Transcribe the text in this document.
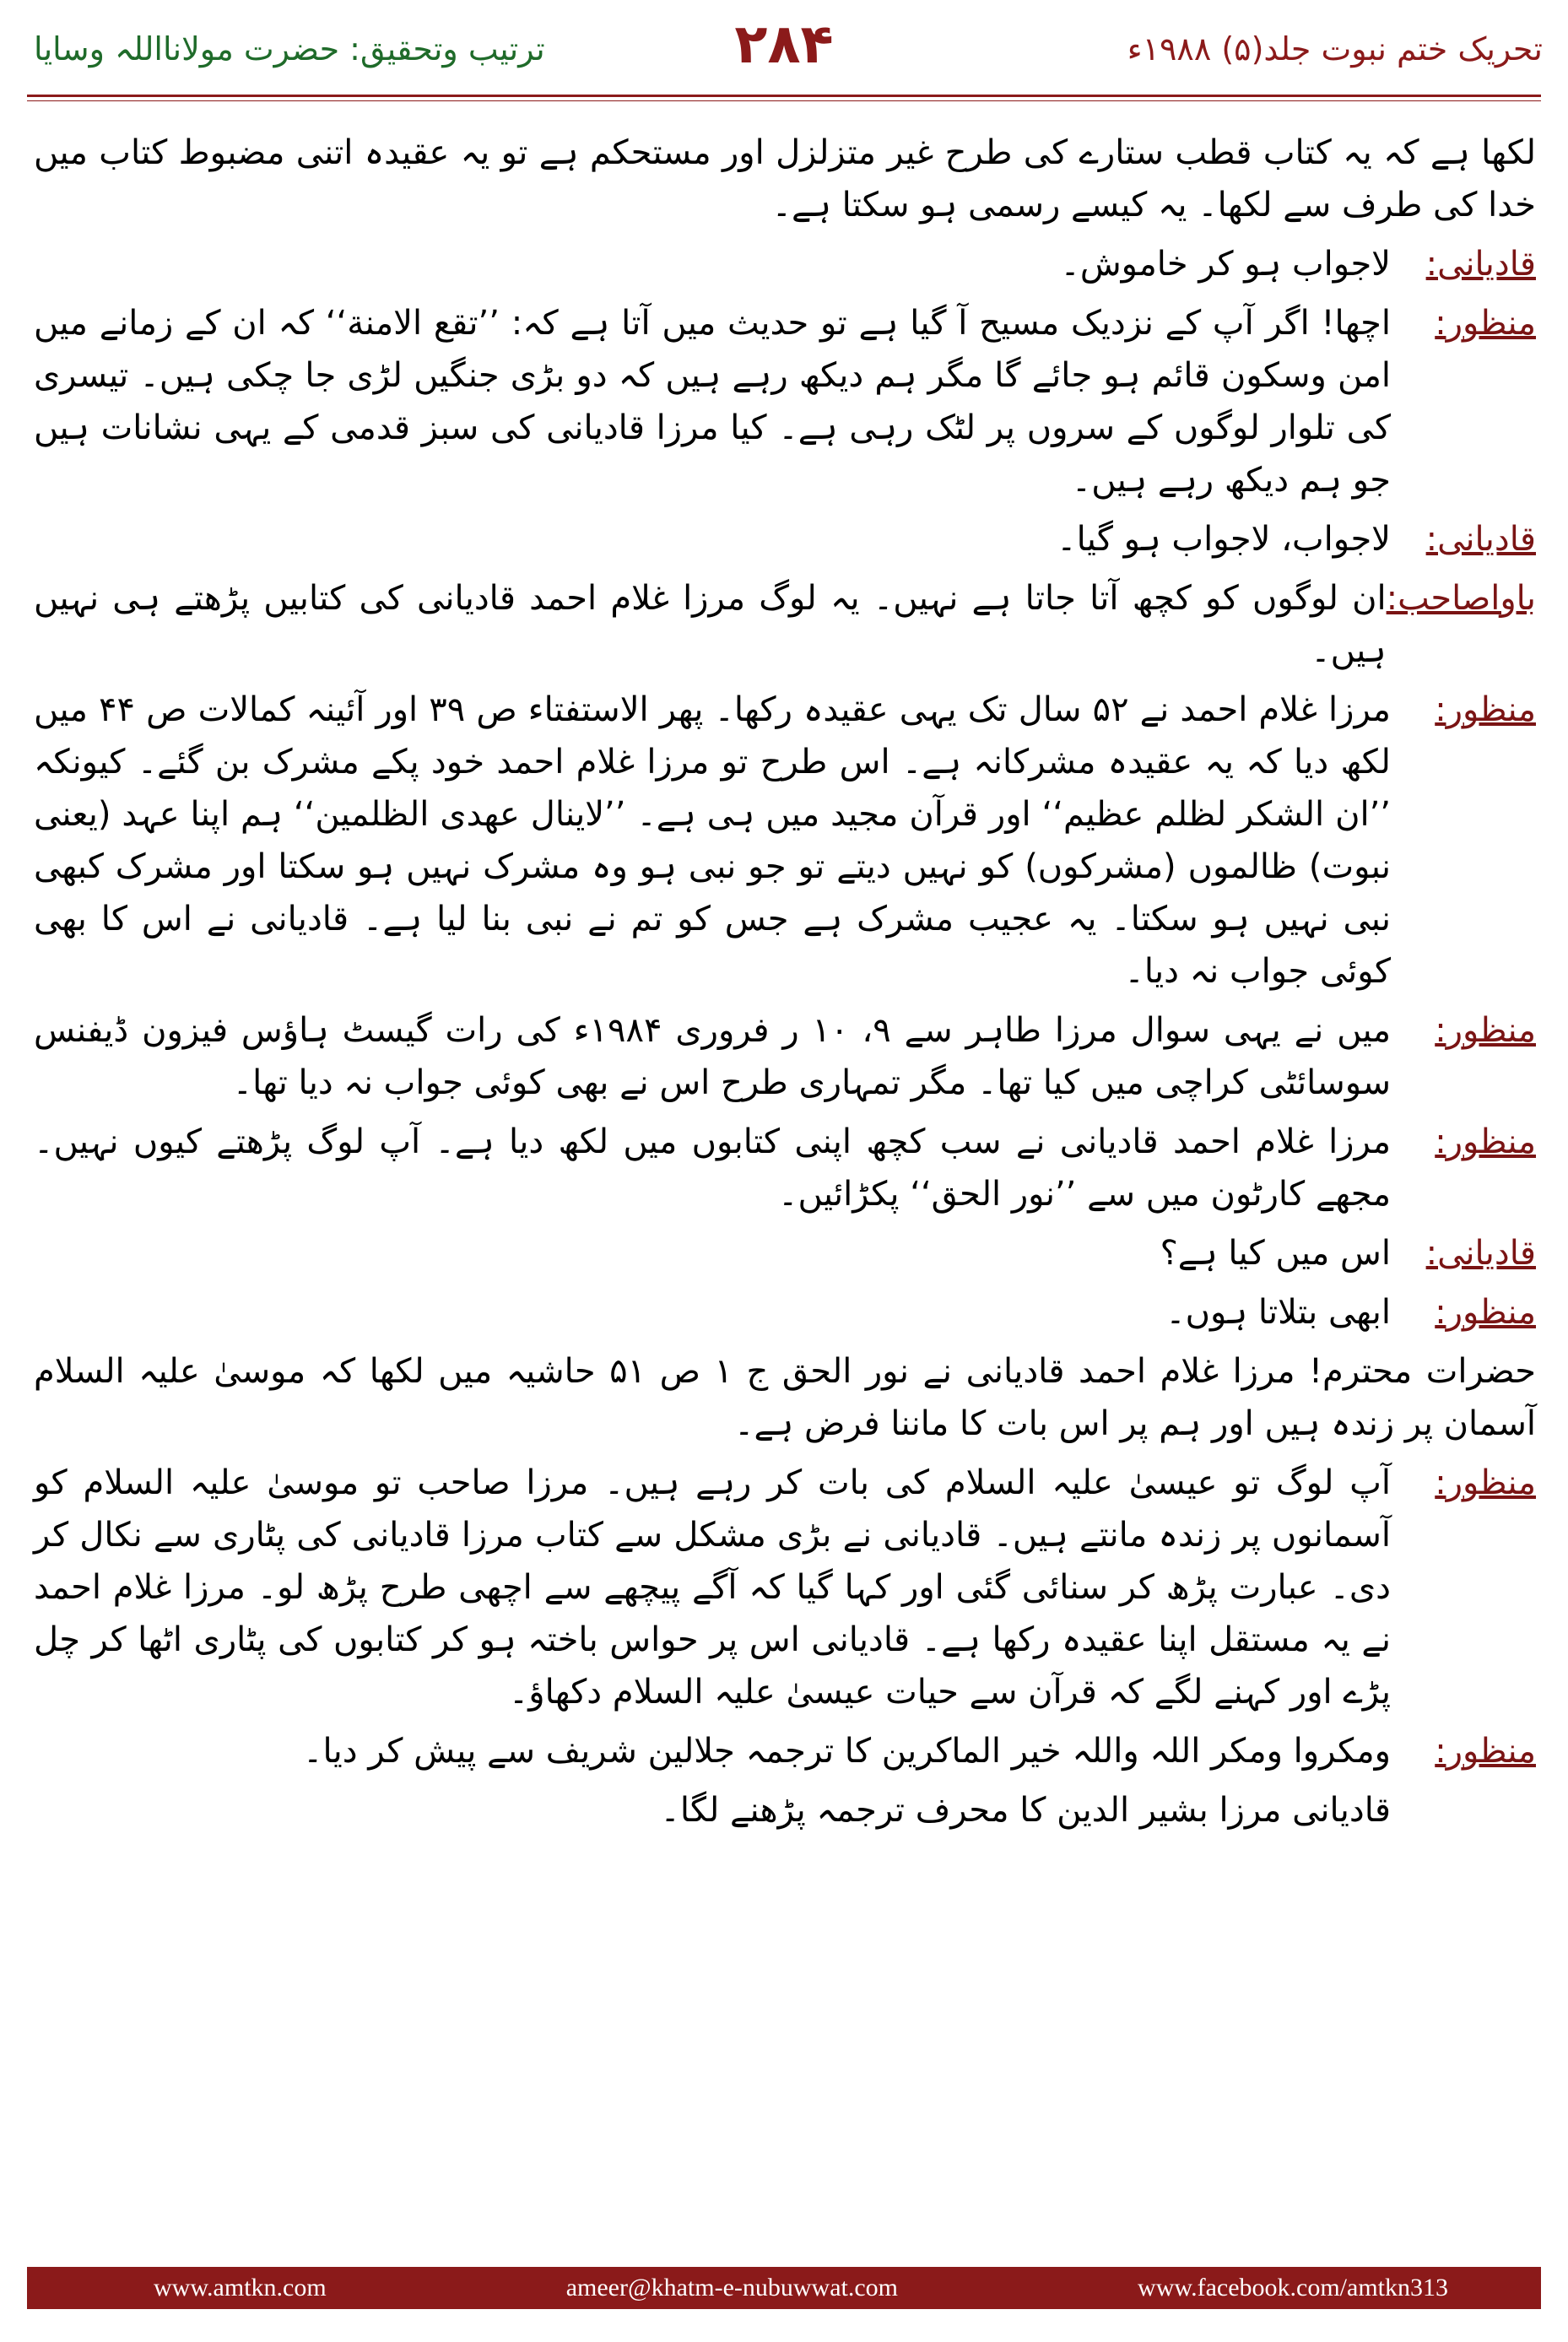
تحریک ختم نبوت جلد(۵) ۱۹۸۸ء
۲۸۴
ترتیب وتحقیق: حضرت مولانااللہ وسایا
لکھا ہے کہ یہ کتاب قطب ستارے کی طرح غیر متزلزل اور مستحکم ہے تو یہ عقیدہ اتنی مضبوط کتاب میں خدا کی طرف سے لکھا۔ یہ کیسے رسمی ہو سکتا ہے۔
قادیانی:
لاجواب ہو کر خاموش۔
منظور:
اچھا! اگر آپ کے نزدیک مسیح آ گیا ہے تو حدیث میں آتا ہے کہ: ’’تقع الامنة‘‘ کہ ان کے زمانے میں امن وسکون قائم ہو جائے گا مگر ہم دیکھ رہے ہیں کہ دو بڑی جنگیں لڑی جا چکی ہیں۔ تیسری کی تلوار لوگوں کے سروں پر لٹک رہی ہے۔ کیا مرزا قادیانی کی سبز قدمی کے یہی نشانات ہیں جو ہم دیکھ رہے ہیں۔
قادیانی:
لاجواب، لاجواب ہو گیا۔
باواصاحب:
ان لوگوں کو کچھ آتا جاتا ہے نہیں۔ یہ لوگ مرزا غلام احمد قادیانی کی کتابیں پڑھتے ہی نہیں ہیں۔
منظور:
مرزا غلام احمد نے ۵۲ سال تک یہی عقیدہ رکھا۔ پھر الاستفتاء ص ۳۹ اور آئینہ کمالات ص ۴۴ میں لکھ دیا کہ یہ عقیدہ مشرکانہ ہے۔ اس طرح تو مرزا غلام احمد خود پکے مشرک بن گئے۔ کیونکہ ’’ان الشکر لظلم عظیم‘‘ اور قرآن مجید میں ہی ہے۔ ’’لاینال عھدی الظلمین‘‘ ہم اپنا عہد (یعنی نبوت) ظالموں (مشرکوں) کو نہیں دیتے تو جو نبی ہو وہ مشرک نہیں ہو سکتا اور مشرک کبھی نبی نہیں ہو سکتا۔ یہ عجیب مشرک ہے جس کو تم نے نبی بنا لیا ہے۔ قادیانی نے اس کا بھی کوئی جواب نہ دیا۔
منظور:
میں نے یہی سوال مرزا طاہر سے ۹، ۱۰ ر فروری ۱۹۸۴ء کی رات گیسٹ ہاؤس فیزون ڈیفنس سوسائٹی کراچی میں کیا تھا۔ مگر تمہاری طرح اس نے بھی کوئی جواب نہ دیا تھا۔
منظور:
مرزا غلام احمد قادیانی نے سب کچھ اپنی کتابوں میں لکھ دیا ہے۔ آپ لوگ پڑھتے کیوں نہیں۔ مجھے کارٹون میں سے ’’نور الحق‘‘ پکڑائیں۔
قادیانی:
اس میں کیا ہے؟
منظور:
ابھی بتلاتا ہوں۔
حضرات محترم! مرزا غلام احمد قادیانی نے نور الحق ج ۱ ص ۵۱ حاشیہ میں لکھا کہ موسیٰ علیہ السلام آسمان پر زندہ ہیں اور ہم پر اس بات کا ماننا فرض ہے۔
منظور:
آپ لوگ تو عیسیٰ علیہ السلام کی بات کر رہے ہیں۔ مرزا صاحب تو موسیٰ علیہ السلام کو آسمانوں پر زندہ مانتے ہیں۔ قادیانی نے بڑی مشکل سے کتاب مرزا قادیانی کی پٹاری سے نکال کر دی۔ عبارت پڑھ کر سنائی گئی اور کہا گیا کہ آگے پیچھے سے اچھی طرح پڑھ لو۔ مرزا غلام احمد نے یہ مستقل اپنا عقیدہ رکھا ہے۔ قادیانی اس پر حواس باختہ ہو کر کتابوں کی پٹاری اٹھا کر چل پڑے اور کہنے لگے کہ قرآن سے حیات عیسیٰ علیہ السلام دکھاؤ۔
منظور:
ومکروا ومکر اللہ واللہ خیر الماکرین کا ترجمہ جلالین شریف سے پیش کر دیا۔
قادیانی مرزا بشیر الدین کا محرف ترجمہ پڑھنے لگا۔
www.amtkn.com	ameer@khatm-e-nubuwwat.com	www.facebook.com/amtkn313
